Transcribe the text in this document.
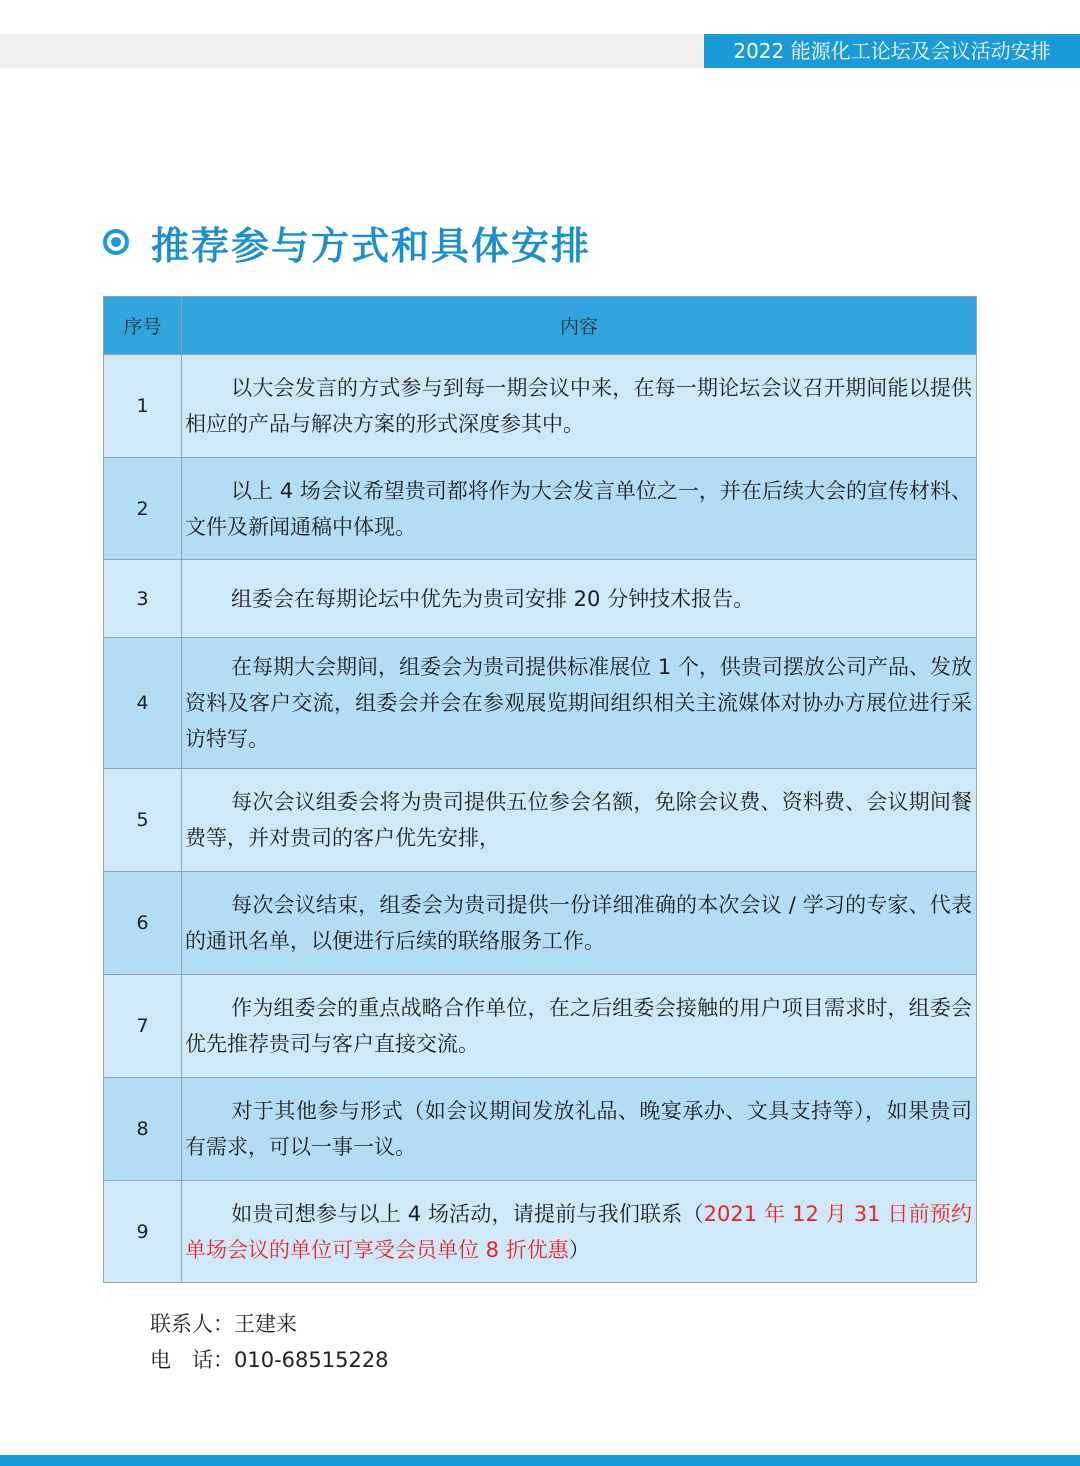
2022 能源化工论坛及会议活动安排
推荐参与方式和具体安排
序号	内容
1	以大会发言的方式参与到每一期会议中来，在每一期论坛会议召开期间能以提供相应的产品与解决方案的形式深度参其中。
2	以上 4 场会议希望贵司都将作为大会发言单位之一，并在后续大会的宣传材料、文件及新闻通稿中体现。
3	组委会在每期论坛中优先为贵司安排 20 分钟技术报告。
4	在每期大会期间，组委会为贵司提供标准展位 1 个，供贵司摆放公司产品、发放资料及客户交流，组委会并会在参观展览期间组织相关主流媒体对协办方展位进行采访特写。
5	每次会议组委会将为贵司提供五位参会名额，免除会议费、资料费、会议期间餐费等，并对贵司的客户优先安排，
6	每次会议结束，组委会为贵司提供一份详细准确的本次会议 / 学习的专家、代表的通讯名单，以便进行后续的联络服务工作。
7	作为组委会的重点战略合作单位，在之后组委会接触的用户项目需求时，组委会优先推荐贵司与客户直接交流。
8	对于其他参与形式（如会议期间发放礼品、晚宴承办、文具支持等），如果贵司有需求，可以一事一议。
9	如贵司想参与以上 4 场活动，请提前与我们联系（2021 年 12 月 31 日前预约单场会议的单位可享受会员单位 8 折优惠）
联系人：王建来
电　话：010-68515228
